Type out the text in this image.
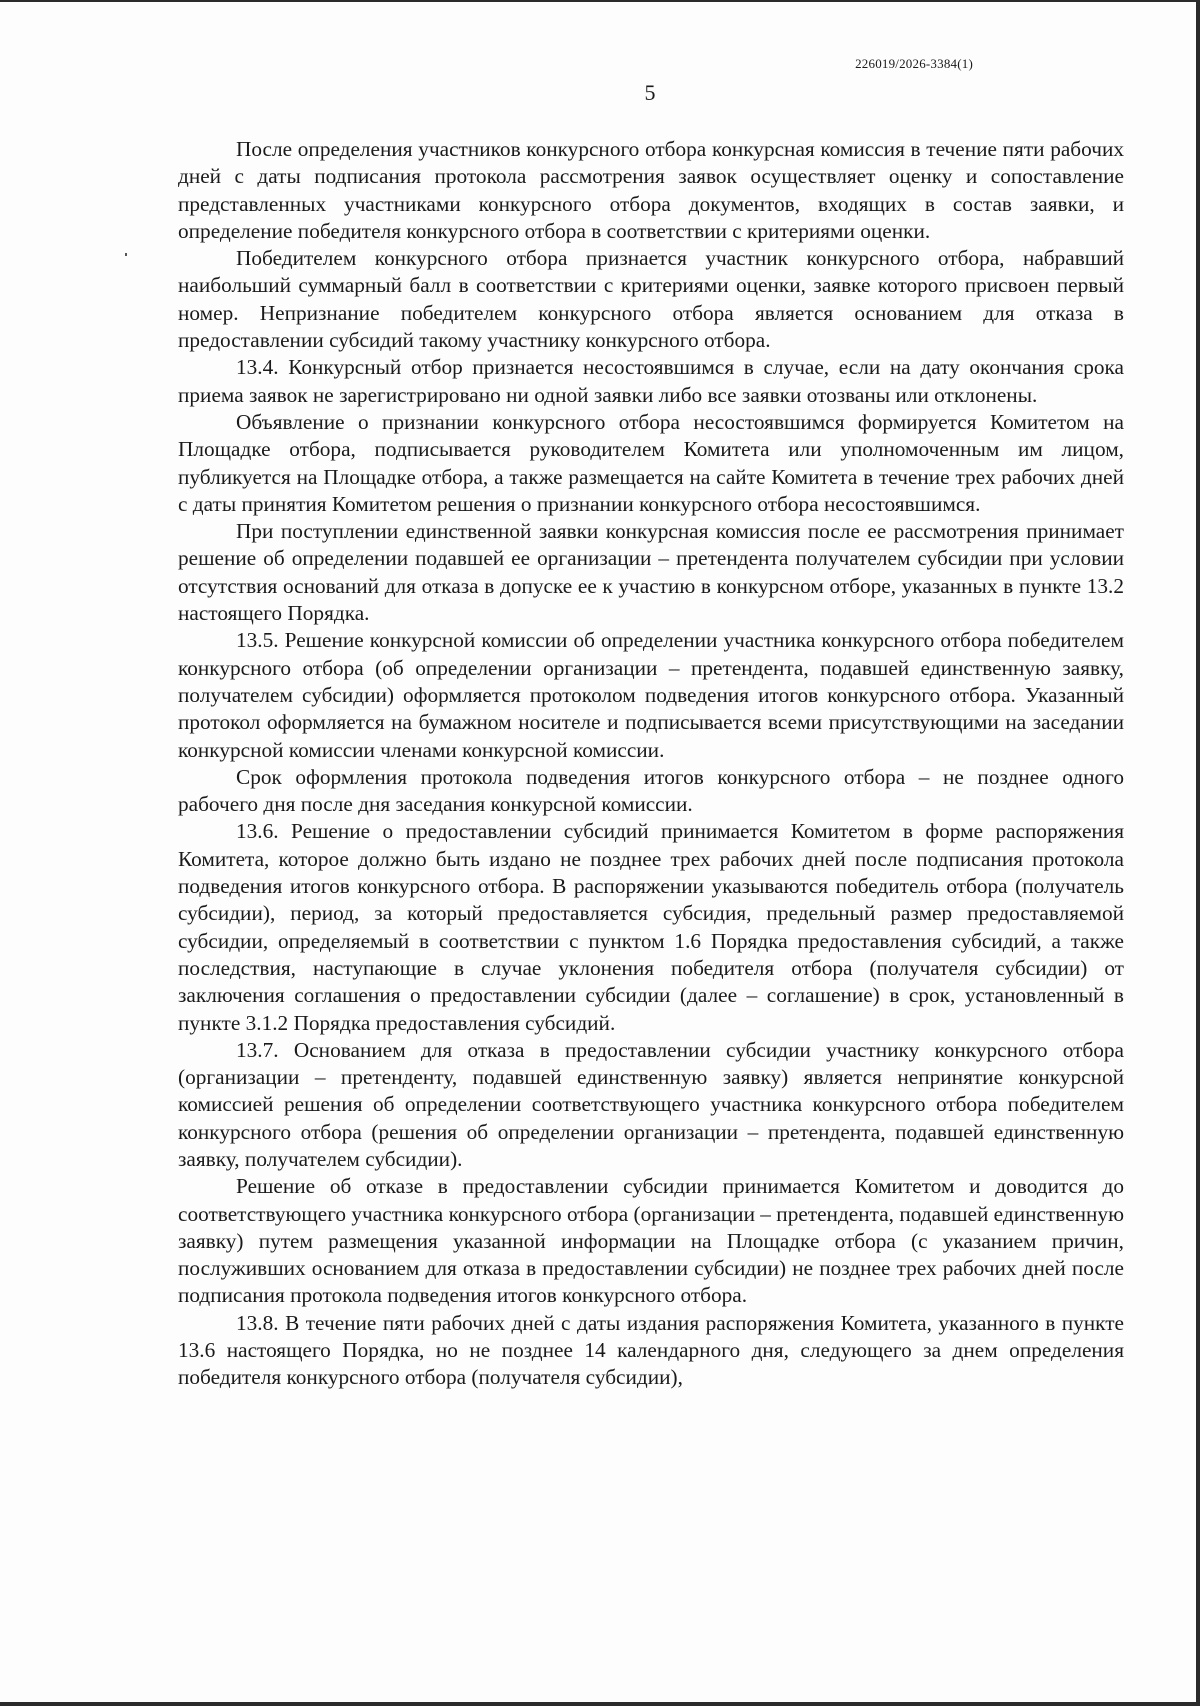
226019/2026-3384(1)
5

После определения участников конкурсного отбора конкурсная комиссия в течение пяти рабочих дней с даты подписания протокола рассмотрения заявок осуществляет оценку и сопоставление представленных участниками конкурсного отбора документов, входящих в состав заявки, и определение победителя конкурсного отбора в соответствии с критериями оценки.

Победителем конкурсного отбора признается участник конкурсного отбора, набравший наибольший суммарный балл в соответствии с критериями оценки, заявке которого присвоен первый номер. Непризнание победителем конкурсного отбора является основанием для отказа в предоставлении субсидий такому участнику конкурсного отбора.

13.4. Конкурсный отбор признается несостоявшимся в случае, если на дату окончания срока приема заявок не зарегистрировано ни одной заявки либо все заявки отозваны или отклонены.

Объявление о признании конкурсного отбора несостоявшимся формируется Комитетом на Площадке отбора, подписывается руководителем Комитета или уполномоченным им лицом, публикуется на Площадке отбора, а также размещается на сайте Комитета в течение трех рабочих дней с даты принятия Комитетом решения о признании конкурсного отбора несостоявшимся.

При поступлении единственной заявки конкурсная комиссия после ее рассмотрения принимает решение об определении подавшей ее организации – претендента получателем субсидии при условии отсутствия оснований для отказа в допуске ее к участию в конкурсном отборе, указанных в пункте 13.2 настоящего Порядка.

13.5. Решение конкурсной комиссии об определении участника конкурсного отбора победителем конкурсного отбора (об определении организации – претендента, подавшей единственную заявку, получателем субсидии) оформляется протоколом подведения итогов конкурсного отбора. Указанный протокол оформляется на бумажном носителе и подписывается всеми присутствующими на заседании конкурсной комиссии членами конкурсной комиссии.

Срок оформления протокола подведения итогов конкурсного отбора – не позднее одного рабочего дня после дня заседания конкурсной комиссии.

13.6. Решение о предоставлении субсидий принимается Комитетом в форме распоряжения Комитета, которое должно быть издано не позднее трех рабочих дней после подписания протокола подведения итогов конкурсного отбора. В распоряжении указываются победитель отбора (получатель субсидии), период, за который предоставляется субсидия, предельный размер предоставляемой субсидии, определяемый в соответствии с пунктом 1.6 Порядка предоставления субсидий, а также последствия, наступающие в случае уклонения победителя отбора (получателя субсидии) от заключения соглашения о предоставлении субсидии (далее – соглашение) в срок, установленный в пункте 3.1.2 Порядка предоставления субсидий.

13.7. Основанием для отказа в предоставлении субсидии участнику конкурсного отбора (организации – претенденту, подавшей единственную заявку) является непринятие конкурсной комиссией решения об определении соответствующего участника конкурсного отбора победителем конкурсного отбора (решения об определении организации – претендента, подавшей единственную заявку, получателем субсидии).

Решение об отказе в предоставлении субсидии принимается Комитетом и доводится до соответствующего участника конкурсного отбора (организации – претендента, подавшей единственную заявку) путем размещения указанной информации на Площадке отбора (с указанием причин, послуживших основанием для отказа в предоставлении субсидии) не позднее трех рабочих дней после подписания протокола подведения итогов конкурсного отбора.

13.8. В течение пяти рабочих дней с даты издания распоряжения Комитета, указанного в пункте 13.6 настоящего Порядка, но не позднее 14 календарного дня, следующего за днем определения победителя конкурсного отбора (получателя субсидии),
